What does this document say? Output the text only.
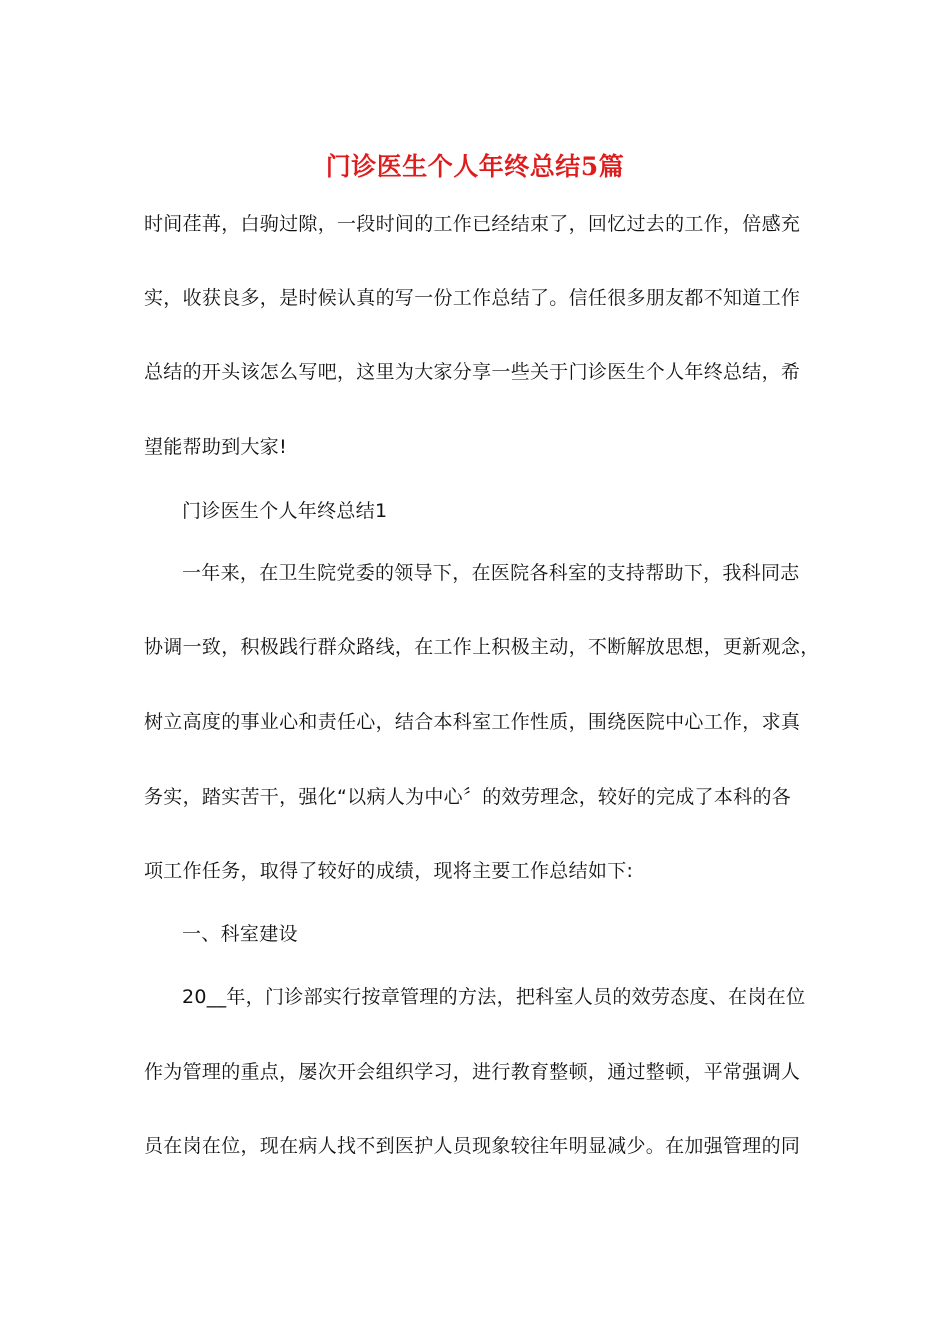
门诊医生个人年终总结5篇
时间荏苒，白驹过隙，一段时间的工作已经结束了，回忆过去的工作，倍感充
实，收获良多，是时候认真的写一份工作总结了。信任很多朋友都不知道工作
总结的开头该怎么写吧，这里为大家分享一些关于门诊医生个人年终总结，希
望能帮助到大家!
门诊医生个人年终总结1
一年来，在卫生院党委的领导下，在医院各科室的支持帮助下，我科同志
协调一致，积极践行群众路线，在工作上积极主动，不断解放思想，更新观念，
树立高度的事业心和责任心，结合本科室工作性质，围绕医院中心工作，求真
务实，踏实苦干，强化“以病人为中心〞的效劳理念，较好的完成了本科的各
项工作任务，取得了较好的成绩，现将主要工作总结如下:
一、科室建设
20__年，门诊部实行按章管理的方法，把科室人员的效劳态度、在岗在位
作为管理的重点，屡次开会组织学习，进行教育整顿，通过整顿，平常强调人
员在岗在位，现在病人找不到医护人员现象较往年明显减少。在加强管理的同
